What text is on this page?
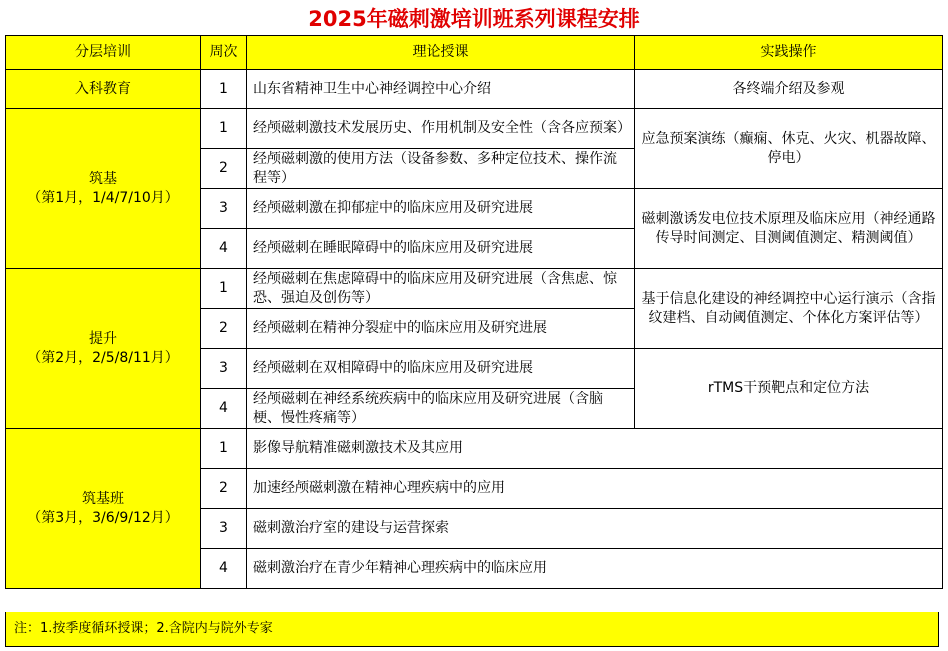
2025年磁刺激培训班系列课程安排
分层培训	周次	理论授课	实践操作
入科教育	1	山东省精神卫生中心神经调控中心介绍	各终端介绍及参观

筑基
（第1月，1/4/7/10月）	1	经颅磁刺激技术发展历史、作用机制及安全性（含各应预案）	应急预案演练（癫痫、休克、火灾、机器故障、停电）
	2	经颅磁刺激的使用方法（设备参数、多种定位技术、操作流程等）	
	3	经颅磁刺激在抑郁症中的临床应用及研究进展	磁刺激诱发电位技术原理及临床应用（神经通路传导时间测定、目测阈值测定、精测阈值）
	4	经颅磁刺在睡眠障碍中的临床应用及研究进展	

提升
（第2月，2/5/8/11月）	1	经颅磁刺在焦虑障碍中的临床应用及研究进展（含焦虑、惊恐、强迫及创伤等）	基于信息化建设的神经调控中心运行演示（含指纹建档、自动阈值测定、个体化方案评估等）
	2	经颅磁刺在精神分裂症中的临床应用及研究进展	
	3	经颅磁刺在双相障碍中的临床应用及研究进展	rTMS干预靶点和定位方法
	4	经颅磁刺在神经系统疾病中的临床应用及研究进展（含脑梗、慢性疼痛等）	

筑基班
（第3月，3/6/9/12月）	1	影像导航精准磁刺激技术及其应用	
	2	加速经颅磁刺激在精神心理疾病中的应用	
	3	磁刺激治疗室的建设与运营探索	
	4	磁刺激治疗在青少年精神心理疾病中的临床应用	
注：1.按季度循环授课；2.含院内与院外专家
